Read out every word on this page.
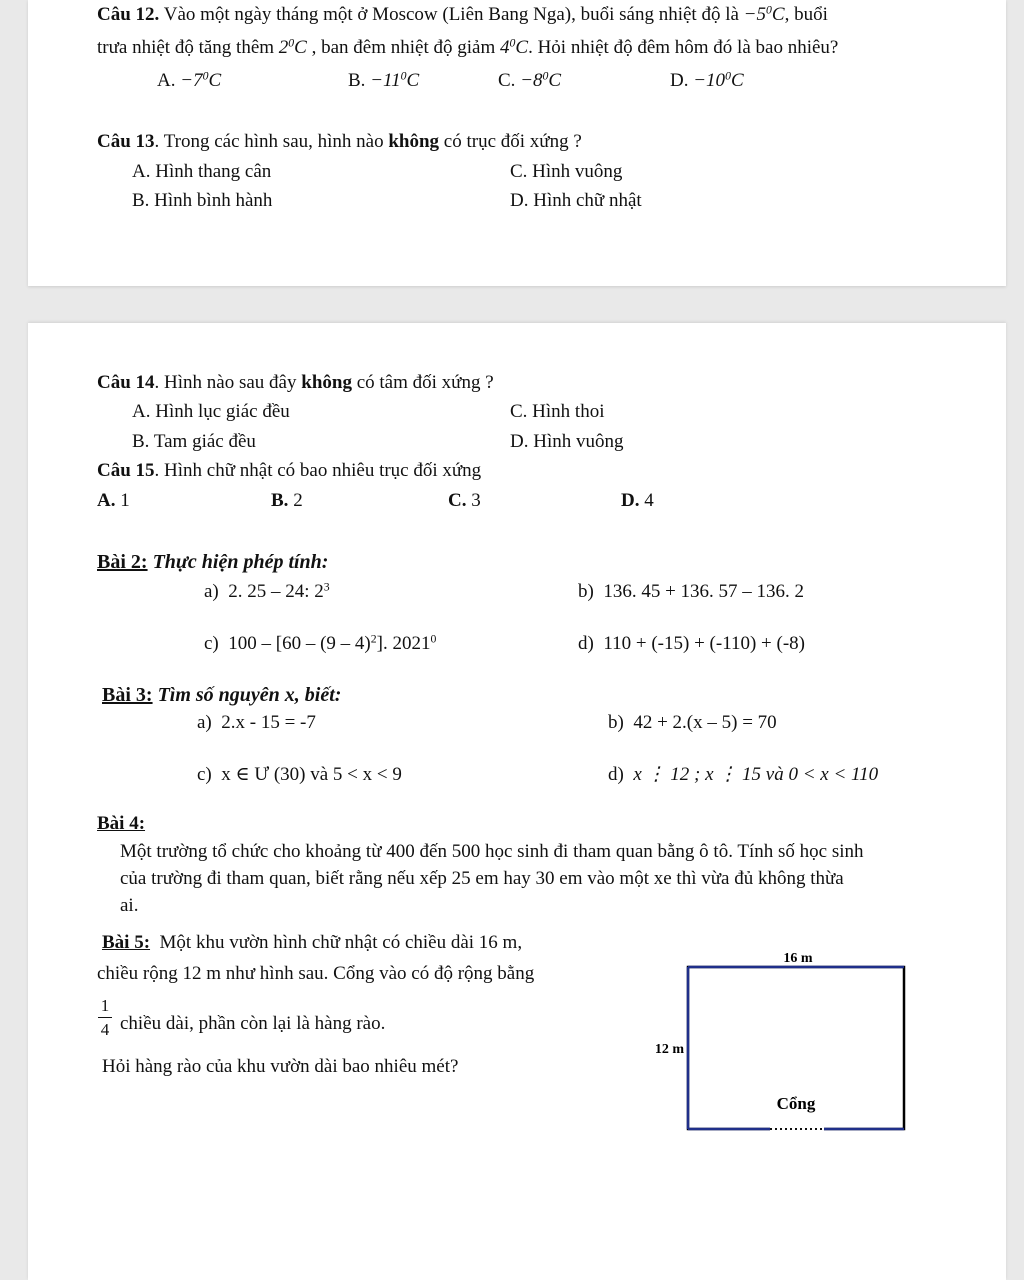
Câu 12. Vào một ngày tháng một ở Moscow (Liên Bang Nga), buổi sáng nhiệt độ là $-5^0C$, buổi
trưa nhiệt độ tăng thêm $2^0C$ , ban đêm nhiệt độ giảm $4^0C$. Hỏi nhiệt độ đêm hôm đó là bao nhiêu?
A. $-7^0C$	B. $-11^0C$	C. $-8^0C$	D. $-10^0C$
Câu 13. Trong các hình sau, hình nào không có trục đối xứng ?
A. Hình thang cân	C. Hình vuông
B. Hình bình hành	D. Hình chữ nhật
Câu 14. Hình nào sau đây không có tâm đối xứng ?
A. Hình lục giác đều	C. Hình thoi
B. Tam giác đều	D. Hình vuông
Câu 15. Hình chữ nhật có bao nhiêu trục đối xứng
A. 1	B. 2	C. 3	D. 4
Bài 2: Thực hiện phép tính:
a) 2. 25 – 24: $2^3$	b) 136. 45 + 136. 57 – 136. 2
c) 100 – [60 – (9 – 4)$^2$]. 2021$^0$	d) 110 + (-15) + (-110) + (-8)
Bài 3: Tìm số nguyên x, biết:
a) 2.x - 15 = -7	b) 42 + 2.(x – 5) = 70
c) x ∈ Ư (30) và 5 < x < 9	d) x ⋮ 12 ; x ⋮ 15 và 0 < x < 110
Bài 4:
Một trường tổ chức cho khoảng từ 400 đến 500 học sinh đi tham quan bằng ô tô. Tính số học sinh
của trường đi tham quan, biết rằng nếu xếp 25 em hay 30 em vào một xe thì vừa đủ không thừa
ai.
Bài 5: Một khu vườn hình chữ nhật có chiều dài 16 m,
chiều rộng 12 m như hình sau. Cổng vào có độ rộng bằng
1
4 chiều dài, phần còn lại là hàng rào.
Hỏi hàng rào của khu vườn dài bao nhiêu mét?
16 m
12 m
Cổng
